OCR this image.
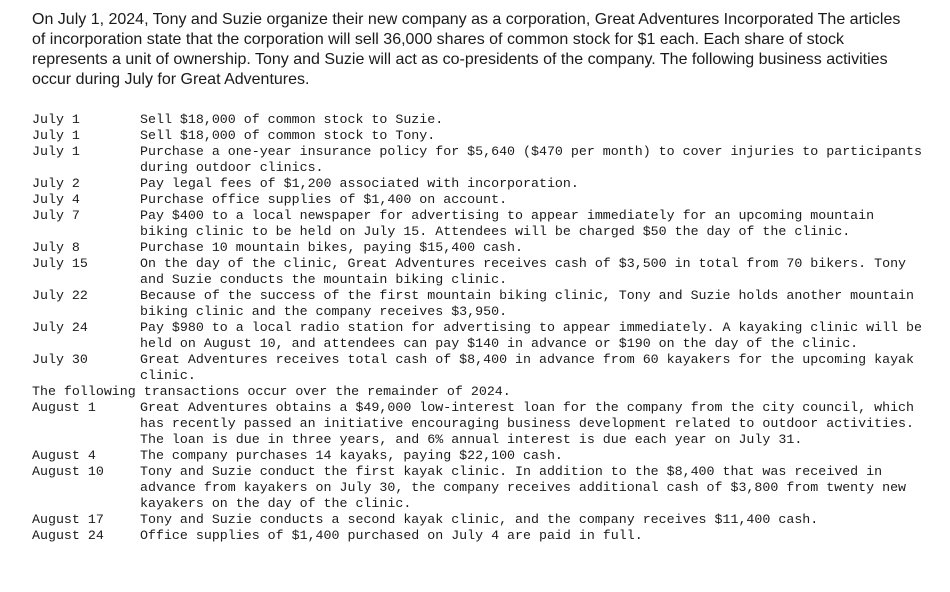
On July 1, 2024, Tony and Suzie organize their new company as a corporation, Great Adventures Incorporated The articles of incorporation state that the corporation will sell 36,000 shares of common stock for $1 each. Each share of stock represents a unit of ownership. Tony and Suzie will act as co-presidents of the company. The following business activities occur during July for Great Adventures.

July 1	Sell $18,000 of common stock to Suzie.
July 1	Sell $18,000 of common stock to Tony.
July 1	Purchase a one-year insurance policy for $5,640 ($470 per month) to cover injuries to participants during outdoor clinics.
July 2	Pay legal fees of $1,200 associated with incorporation.
July 4	Purchase office supplies of $1,400 on account.
July 7	Pay $400 to a local newspaper for advertising to appear immediately for an upcoming mountain biking clinic to be held on July 15. Attendees will be charged $50 the day of the clinic.
July 8	Purchase 10 mountain bikes, paying $15,400 cash.
July 15	On the day of the clinic, Great Adventures receives cash of $3,500 in total from 70 bikers. Tony and Suzie conducts the mountain biking clinic.
July 22	Because of the success of the first mountain biking clinic, Tony and Suzie holds another mountain biking clinic and the company receives $3,950.
July 24	Pay $980 to a local radio station for advertising to appear immediately. A kayaking clinic will be held on August 10, and attendees can pay $140 in advance or $190 on the day of the clinic.
July 30	Great Adventures receives total cash of $8,400 in advance from 60 kayakers for the upcoming kayak clinic.
The following transactions occur over the remainder of 2024.
August 1	Great Adventures obtains a $49,000 low-interest loan for the company from the city council, which has recently passed an initiative encouraging business development related to outdoor activities. The loan is due in three years, and 6% annual interest is due each year on July 31.
August 4	The company purchases 14 kayaks, paying $22,100 cash.
August 10	Tony and Suzie conduct the first kayak clinic. In addition to the $8,400 that was received in advance from kayakers on July 30, the company receives additional cash of $3,800 from twenty new kayakers on the day of the clinic.
August 17	Tony and Suzie conducts a second kayak clinic, and the company receives $11,400 cash.
August 24	Office supplies of $1,400 purchased on July 4 are paid in full.
